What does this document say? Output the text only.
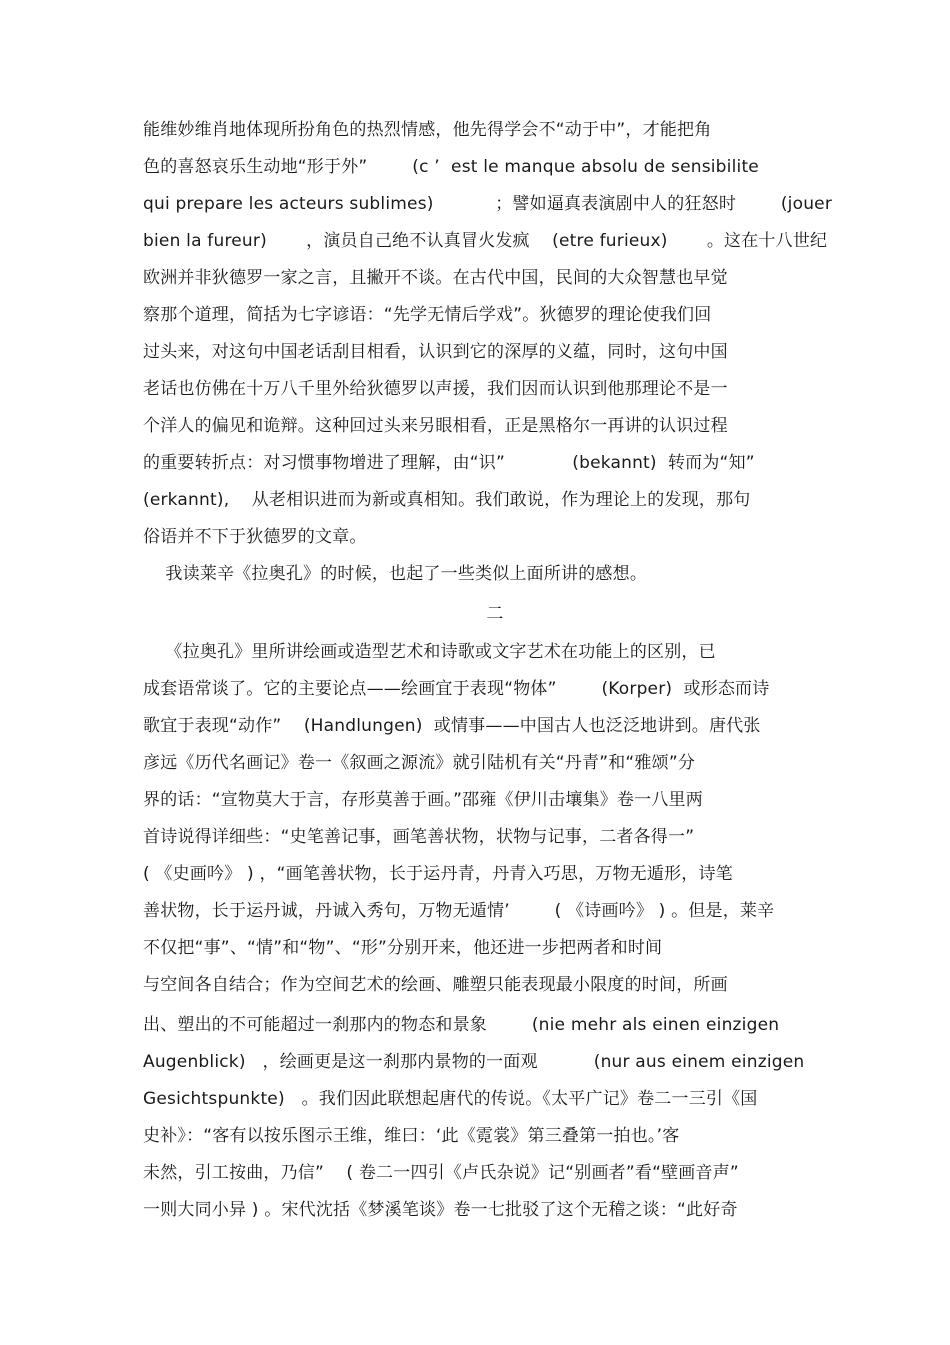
能维妙维肖地体现所扮角色的热烈情感，他先得学会不“动于中”，才能把角
色的喜怒哀乐生动地“形于外”        (c ’  est le manque absolu de sensibilite
qui prepare les acteurs sublimes)           ；譬如逼真表演剧中人的狂怒时        (jouer
bien la fureur)       ，演员自己绝不认真冒火发疯    (etre furieux)       。这在十八世纪
欧洲并非狄德罗一家之言，且撇开不谈。在古代中国，民间的大众智慧也早觉
察那个道理，简括为七字谚语：“先学无情后学戏”。狄德罗的理论使我们回
过头来，对这句中国老话刮目相看，认识到它的深厚的义蕴，同时，这句中国
老话也仿佛在十万八千里外给狄德罗以声援，我们因而认识到他那理论不是一
个洋人的偏见和诡辩。这种回过头来另眼相看，正是黑格尔一再讲的认识过程
的重要转折点：对习惯事物增进了理解，由“识”            (bekannt)  转而为“知”
(erkannt),    从老相识进而为新或真相知。我们敢说，作为理论上的发现，那句
俗语并不下于狄德罗的文章。
我读莱辛《拉奥孔》的时候，也起了一些类似上面所讲的感想。
二
《拉奥孔》里所讲绘画或造型艺术和诗歌或文字艺术在功能上的区别，已
成套语常谈了。它的主要论点——绘画宜于表现“物体”        (Korper)  或形态而诗
歌宜于表现“动作”    (Handlungen)  或情事——中国古人也泛泛地讲到。唐代张
彦远《历代名画记》卷一《叙画之源流》就引陆机有关“丹青”和“雅颂”分
界的话：“宣物莫大于言，存形莫善于画。”邵雍《伊川击壤集》卷一八里两
首诗说得详细些：“史笔善记事，画笔善状物，状物与记事，二者各得一”
( 《史画吟》 ) ，“画笔善状物，长于运丹青，丹青入巧思，万物无遁形，诗笔
善状物，长于运丹诚，丹诚入秀句，万物无遁情’        ( 《诗画吟》 ) 。但是，莱辛
不仅把“事”、“情”和“物”、“形”分别开来，他还进一步把两者和时间
与空间各自结合；作为空间艺术的绘画、雕塑只能表现最小限度的时间，所画
出、塑出的不可能超过一刹那内的物态和景象        (nie mehr als einen einzigen
Augenblick)   ，绘画更是这一刹那内景物的一面观          (nur aus einem einzigen
Gesichtspunkte)   。我们因此联想起唐代的传说。《太平广记》卷二一三引《国
史补》：“客有以按乐图示王维，维曰：‘此《霓裳》第三叠第一拍也。’客
未然，引工按曲，乃信”    ( 卷二一四引《卢氏杂说》记“别画者”看“壁画音声”
一则大同小异 ) 。宋代沈括《梦溪笔谈》卷一七批驳了这个无稽之谈：“此好奇
